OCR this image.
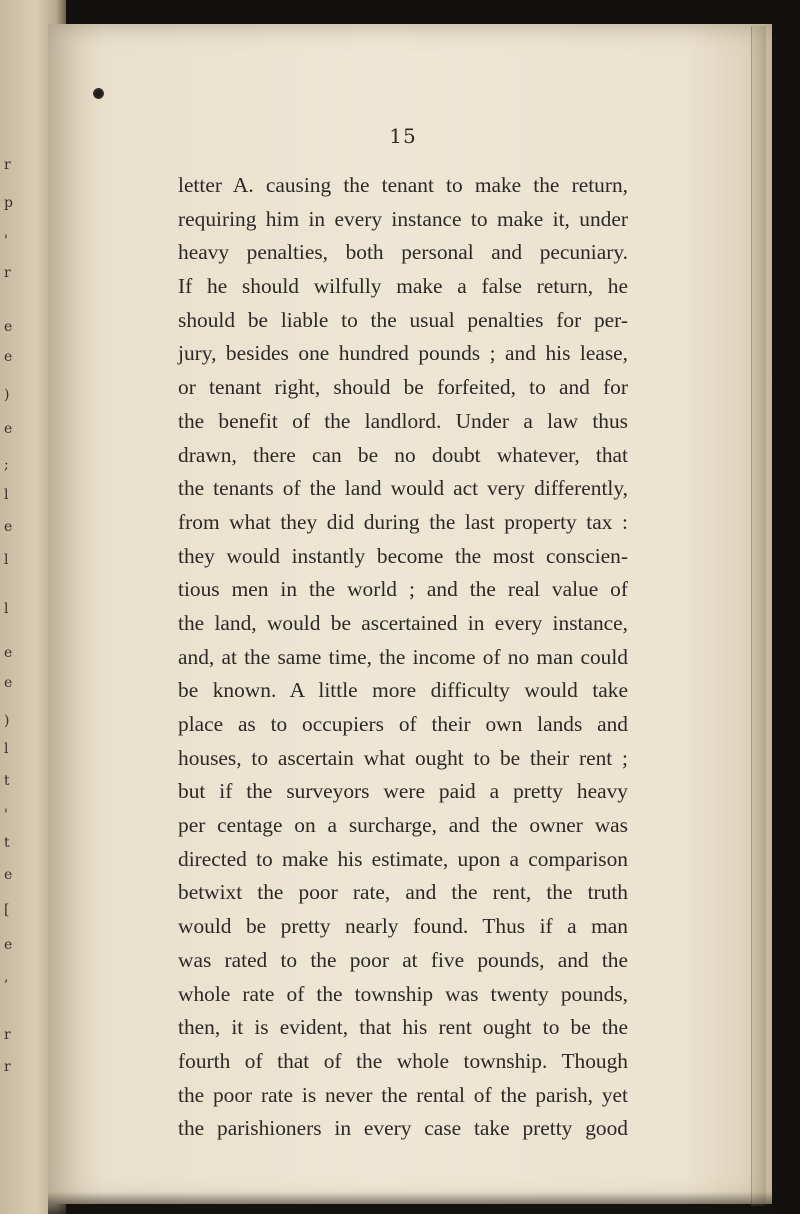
r
p
'
r
e
e
)
e
;
l
e
l
l
e
e
)
l
t
'
t
e
[
e
,
r
r
15
letter A. causing the tenant to make the return,
requiring him in every instance to make it, under
heavy penalties, both personal and pecuniary.
If he should wilfully make a false return, he
should be liable to the usual penalties for per-
jury, besides one hundred pounds ; and his lease,
or tenant right, should be forfeited, to and for
the benefit of the landlord. Under a law thus
drawn, there can be no doubt whatever, that
the tenants of the land would act very differently,
from what they did during the last property tax :
they would instantly become the most conscien-
tious men in the world ; and the real value of
the land, would be ascertained in every instance,
and, at the same time, the income of no man could
be known. A little more difficulty would take
place as to occupiers of their own lands and
houses, to ascertain what ought to be their rent ;
but if the surveyors were paid a pretty heavy
per centage on a surcharge, and the owner was
directed to make his estimate, upon a comparison
betwixt the poor rate, and the rent, the truth
would be pretty nearly found. Thus if a man
was rated to the poor at five pounds, and the
whole rate of the township was twenty pounds,
then, it is evident, that his rent ought to be the
fourth of that of the whole township. Though
the poor rate is never the rental of the parish, yet
the parishioners in every case take pretty good
